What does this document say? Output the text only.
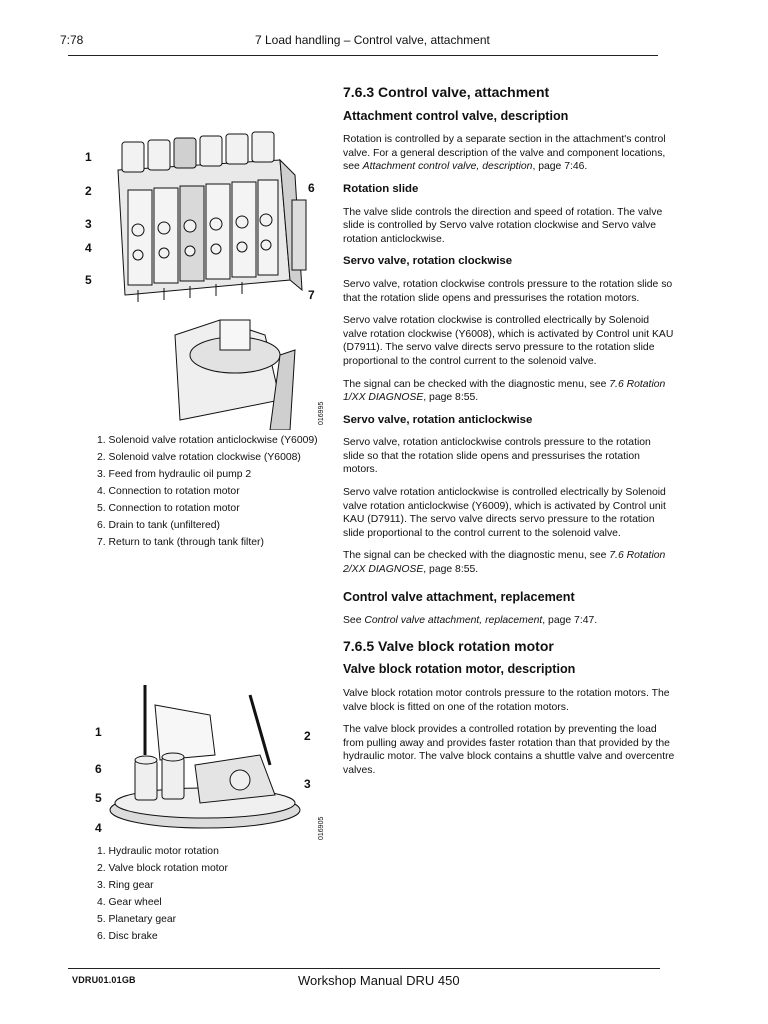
7:78	7 Load handling – Control valve, attachment
1
2
3
4
5
6
7
016995
1. Solenoid valve rotation anticlockwise (Y6009)
2. Solenoid valve rotation clockwise (Y6008)
3. Feed from hydraulic oil pump 2
4. Connection to rotation motor
5. Connection to rotation motor
6. Drain to tank (unfiltered)
7. Return to tank (through tank filter)
1	2
3
4
5
6
016905
1. Hydraulic motor rotation
2. Valve block rotation motor
3. Ring gear
4. Gear wheel
5. Planetary gear
6. Disc brake
7.6.3 Control valve, attachment
Attachment control valve, description

Rotation is controlled by a separate section in the attachment's control valve. For a general description of the valve and component locations, see Attachment control valve, description, page 7:46.

Rotation slide

The valve slide controls the direction and speed of rotation. The valve slide is controlled by Servo valve rotation clockwise and Servo valve rotation anticlockwise.

Servo valve, rotation clockwise

Servo valve, rotation clockwise controls pressure to the rotation slide so that the rotation slide opens and pressurises the rotation motors.

Servo valve rotation clockwise is controlled electrically by Solenoid valve rotation clockwise (Y6008), which is activated by Control unit KAU (D7911). The servo valve directs servo pressure to the rotation slide proportional to the control current to the solenoid valve.

The signal can be checked with the diagnostic menu, see 7.6 Rotation 1/XX DIAGNOSE, page 8:55.

Servo valve, rotation anticlockwise

Servo valve, rotation anticlockwise controls pressure to the rotation slide so that the rotation slide opens and pressurises the rotation motors.

Servo valve rotation anticlockwise is controlled electrically by Solenoid valve rotation anticlockwise (Y6009), which is activated by Control unit KAU (D7911). The servo valve directs servo pressure to the rotation slide proportional to the control current to the solenoid valve.

The signal can be checked with the diagnostic menu, see 7.6 Rotation 2/XX DIAGNOSE, page 8:55.

Control valve attachment, replacement

See Control valve attachment, replacement, page 7:47.

7.6.5 Valve block rotation motor
Valve block rotation motor, description

Valve block rotation motor controls pressure to the rotation motors. The valve block is fitted on one of the rotation motors.

The valve block provides a controlled rotation by preventing the load from pulling away and provides faster rotation than that provided by the hydraulic motor. The valve block contains a shuttle valve and overcentre valves.

VDRU01.01GB	Workshop Manual DRU 450
